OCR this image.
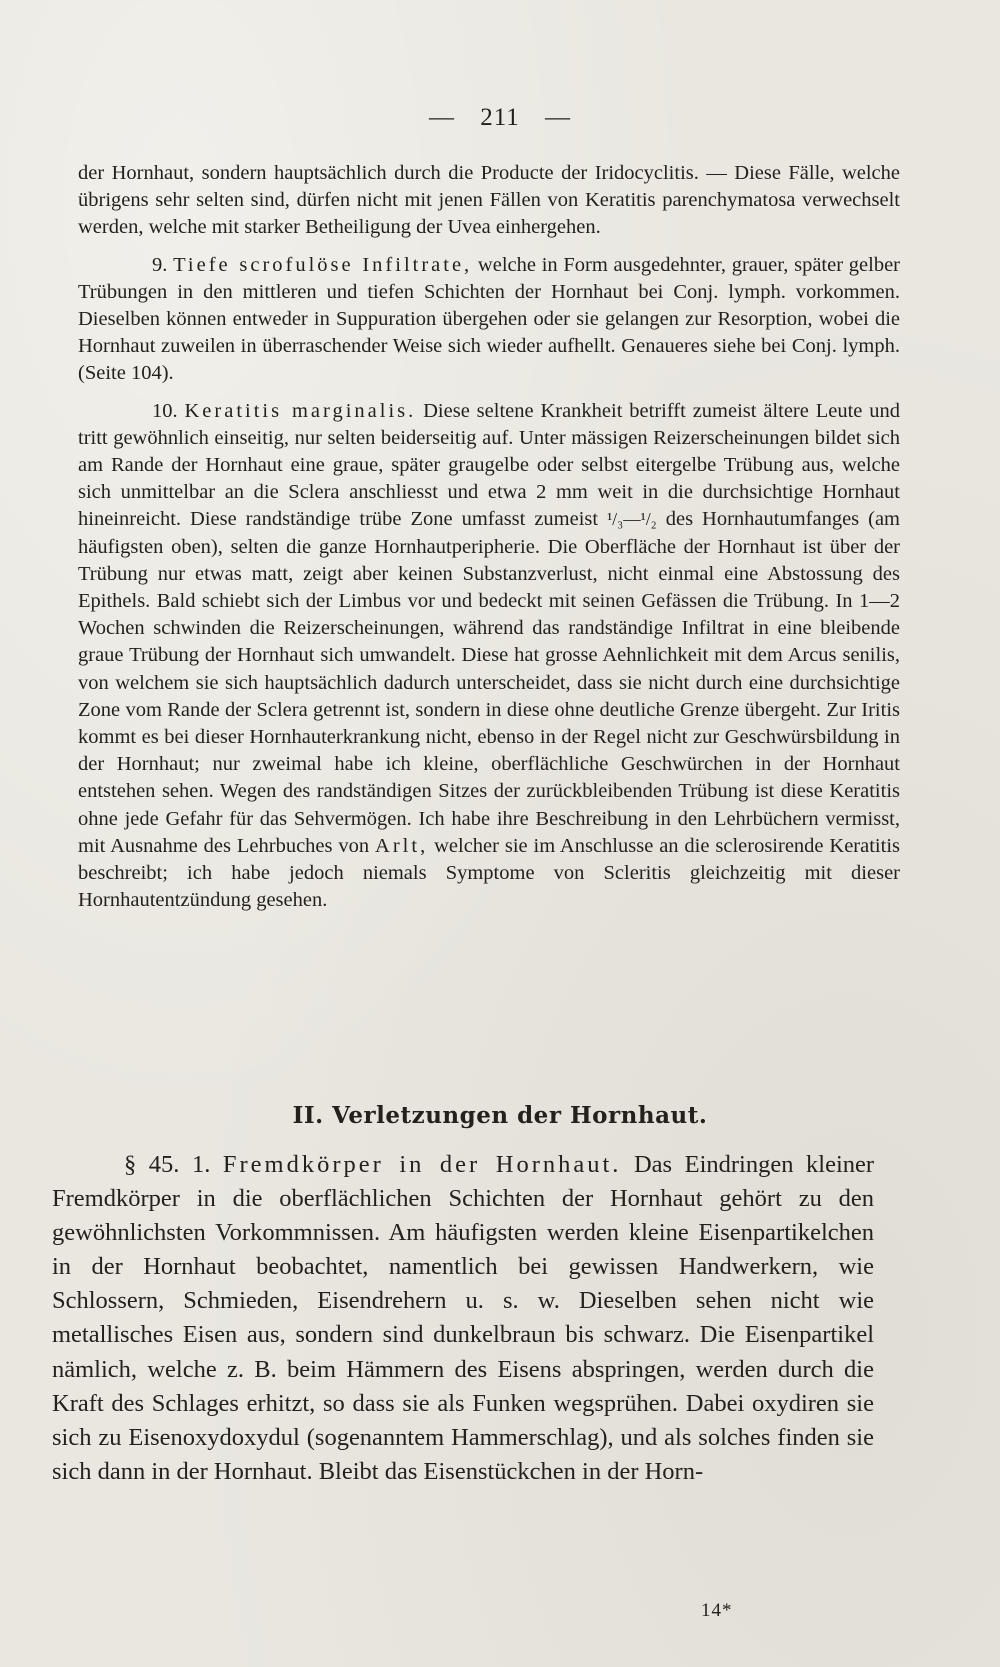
— 211 —

der Hornhaut, sondern hauptsächlich durch die Producte der Iridocyclitis. — Diese Fälle, welche übrigens sehr selten sind, dürfen nicht mit jenen Fällen von Keratitis parenchymatosa verwechselt werden, welche mit starker Betheiligung der Uvea einhergehen.

9. Tiefe scrofulöse Infiltrate, welche in Form ausgedehnter, grauer, später gelber Trübungen in den mittleren und tiefen Schichten der Hornhaut bei Conj. lymph. vorkommen. Dieselben können entweder in Suppuration übergehen oder sie gelangen zur Resorption, wobei die Hornhaut zuweilen in überraschender Weise sich wieder aufhellt. Genaueres siehe bei Conj. lymph. (Seite 104).

10. Keratitis marginalis. Diese seltene Krankheit betrifft zumeist ältere Leute und tritt gewöhnlich einseitig, nur selten beiderseitig auf. Unter mässigen Reizerscheinungen bildet sich am Rande der Hornhaut eine graue, später graugelbe oder selbst eitergelbe Trübung aus, welche sich unmittelbar an die Sclera anschliesst und etwa 2 mm weit in die durchsichtige Hornhaut hineinreicht. Diese randständige trübe Zone umfasst zumeist ¹/₃—¹/₂ des Hornhautumfanges (am häufigsten oben), selten die ganze Hornhautperipherie. Die Oberfläche der Hornhaut ist über der Trübung nur etwas matt, zeigt aber keinen Substanzverlust, nicht einmal eine Abstossung des Epithels. Bald schiebt sich der Limbus vor und bedeckt mit seinen Gefässen die Trübung. In 1—2 Wochen schwinden die Reizerscheinungen, während das randständige Infiltrat in eine bleibende graue Trübung der Hornhaut sich umwandelt. Diese hat grosse Aehnlichkeit mit dem Arcus senilis, von welchem sie sich hauptsächlich dadurch unterscheidet, dass sie nicht durch eine durchsichtige Zone vom Rande der Sclera getrennt ist, sondern in diese ohne deutliche Grenze übergeht. Zur Iritis kommt es bei dieser Hornhauterkrankung nicht, ebenso in der Regel nicht zur Geschwürsbildung in der Hornhaut; nur zweimal habe ich kleine, oberflächliche Geschwürchen in der Hornhaut entstehen sehen. Wegen des randständigen Sitzes der zurückbleibenden Trübung ist diese Keratitis ohne jede Gefahr für das Sehvermögen. Ich habe ihre Beschreibung in den Lehrbüchern vermisst, mit Ausnahme des Lehrbuches von Arlt, welcher sie im Anschlusse an die sclerosirende Keratitis beschreibt; ich habe jedoch niemals Symptome von Scleritis gleichzeitig mit dieser Hornhautentzündung gesehen.

II. Verletzungen der Hornhaut.

§ 45. 1. Fremdkörper in der Hornhaut. Das Eindringen kleiner Fremdkörper in die oberflächlichen Schichten der Hornhaut gehört zu den gewöhnlichsten Vorkommnissen. Am häufigsten werden kleine Eisenpartikelchen in der Hornhaut beobachtet, namentlich bei gewissen Handwerkern, wie Schlossern, Schmieden, Eisendrehern u. s. w. Dieselben sehen nicht wie metallisches Eisen aus, sondern sind dunkelbraun bis schwarz. Die Eisenpartikel nämlich, welche z. B. beim Hämmern des Eisens abspringen, werden durch die Kraft des Schlages erhitzt, so dass sie als Funken wegsprühen. Dabei oxydiren sie sich zu Eisenoxydoxydul (sogenanntem Hammerschlag), und als solches finden sie sich dann in der Hornhaut. Bleibt das Eisenstückchen in der Horn-

14*
